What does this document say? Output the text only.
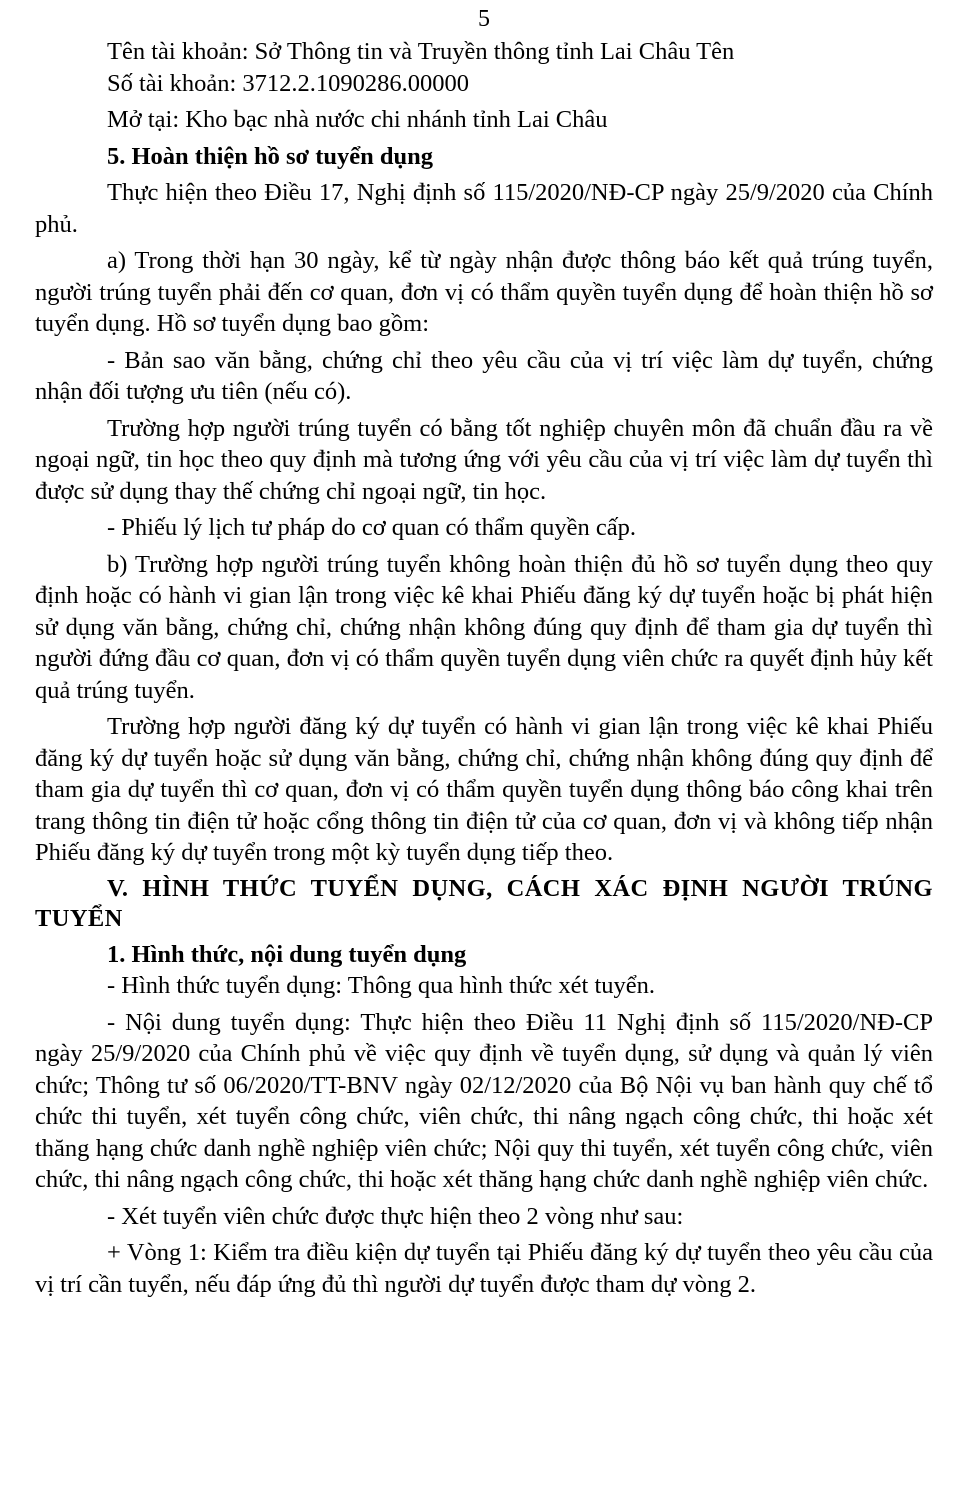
5

Tên tài khoản: Sở Thông tin và Truyền thông tỉnh Lai Châu Tên

Số tài khoản: 3712.2.1090286.00000

Mở tại: Kho bạc nhà nước chi nhánh tỉnh Lai Châu

5. Hoàn thiện hồ sơ tuyển dụng

Thực hiện theo Điều 17, Nghị định số 115/2020/NĐ-CP ngày 25/9/2020 của Chính phủ.

a) Trong thời hạn 30 ngày, kể từ ngày nhận được thông báo kết quả trúng tuyển, người trúng tuyển phải đến cơ quan, đơn vị có thẩm quyền tuyển dụng để hoàn thiện hồ sơ tuyển dụng. Hồ sơ tuyển dụng bao gồm:

- Bản sao văn bằng, chứng chỉ theo yêu cầu của vị trí việc làm dự tuyển, chứng nhận đối tượng ưu tiên (nếu có).

Trường hợp người trúng tuyển có bằng tốt nghiệp chuyên môn đã chuẩn đầu ra về ngoại ngữ, tin học theo quy định mà tương ứng với yêu cầu của vị trí việc làm dự tuyển thì được sử dụng thay thế chứng chỉ ngoại ngữ, tin học.

- Phiếu lý lịch tư pháp do cơ quan có thẩm quyền cấp.

b) Trường hợp người trúng tuyển không hoàn thiện đủ hồ sơ tuyển dụng theo quy định hoặc có hành vi gian lận trong việc kê khai Phiếu đăng ký dự tuyển hoặc bị phát hiện sử dụng văn bằng, chứng chỉ, chứng nhận không đúng quy định để tham gia dự tuyển thì người đứng đầu cơ quan, đơn vị có thẩm quyền tuyển dụng viên chức ra quyết định hủy kết quả trúng tuyển.

Trường hợp người đăng ký dự tuyển có hành vi gian lận trong việc kê khai Phiếu đăng ký dự tuyển hoặc sử dụng văn bằng, chứng chỉ, chứng nhận không đúng quy định để tham gia dự tuyển thì cơ quan, đơn vị có thẩm quyền tuyển dụng thông báo công khai trên trang thông tin điện tử hoặc cổng thông tin điện tử của cơ quan, đơn vị và không tiếp nhận Phiếu đăng ký dự tuyển trong một kỳ tuyển dụng tiếp theo.

V. HÌNH THỨC TUYỂN DỤNG, CÁCH XÁC ĐỊNH NGƯỜI TRÚNG TUYỂN

1. Hình thức, nội dung tuyển dụng

- Hình thức tuyển dụng: Thông qua hình thức xét tuyển.

- Nội dung tuyển dụng: Thực hiện theo Điều 11 Nghị định số 115/2020/NĐ-CP ngày 25/9/2020 của Chính phủ về việc quy định về tuyển dụng, sử dụng và quản lý viên chức; Thông tư số 06/2020/TT-BNV ngày 02/12/2020 của Bộ Nội vụ ban hành quy chế tổ chức thi tuyển, xét tuyển công chức, viên chức, thi nâng ngạch công chức, thi hoặc xét thăng hạng chức danh nghề nghiệp viên chức; Nội quy thi tuyển, xét tuyển công chức, viên chức, thi nâng ngạch công chức, thi hoặc xét thăng hạng chức danh nghề nghiệp viên chức.

- Xét tuyển viên chức được thực hiện theo 2 vòng như sau:

+ Vòng 1: Kiểm tra điều kiện dự tuyển tại Phiếu đăng ký dự tuyển theo yêu cầu của vị trí cần tuyển, nếu đáp ứng đủ thì người dự tuyển được tham dự vòng 2.
